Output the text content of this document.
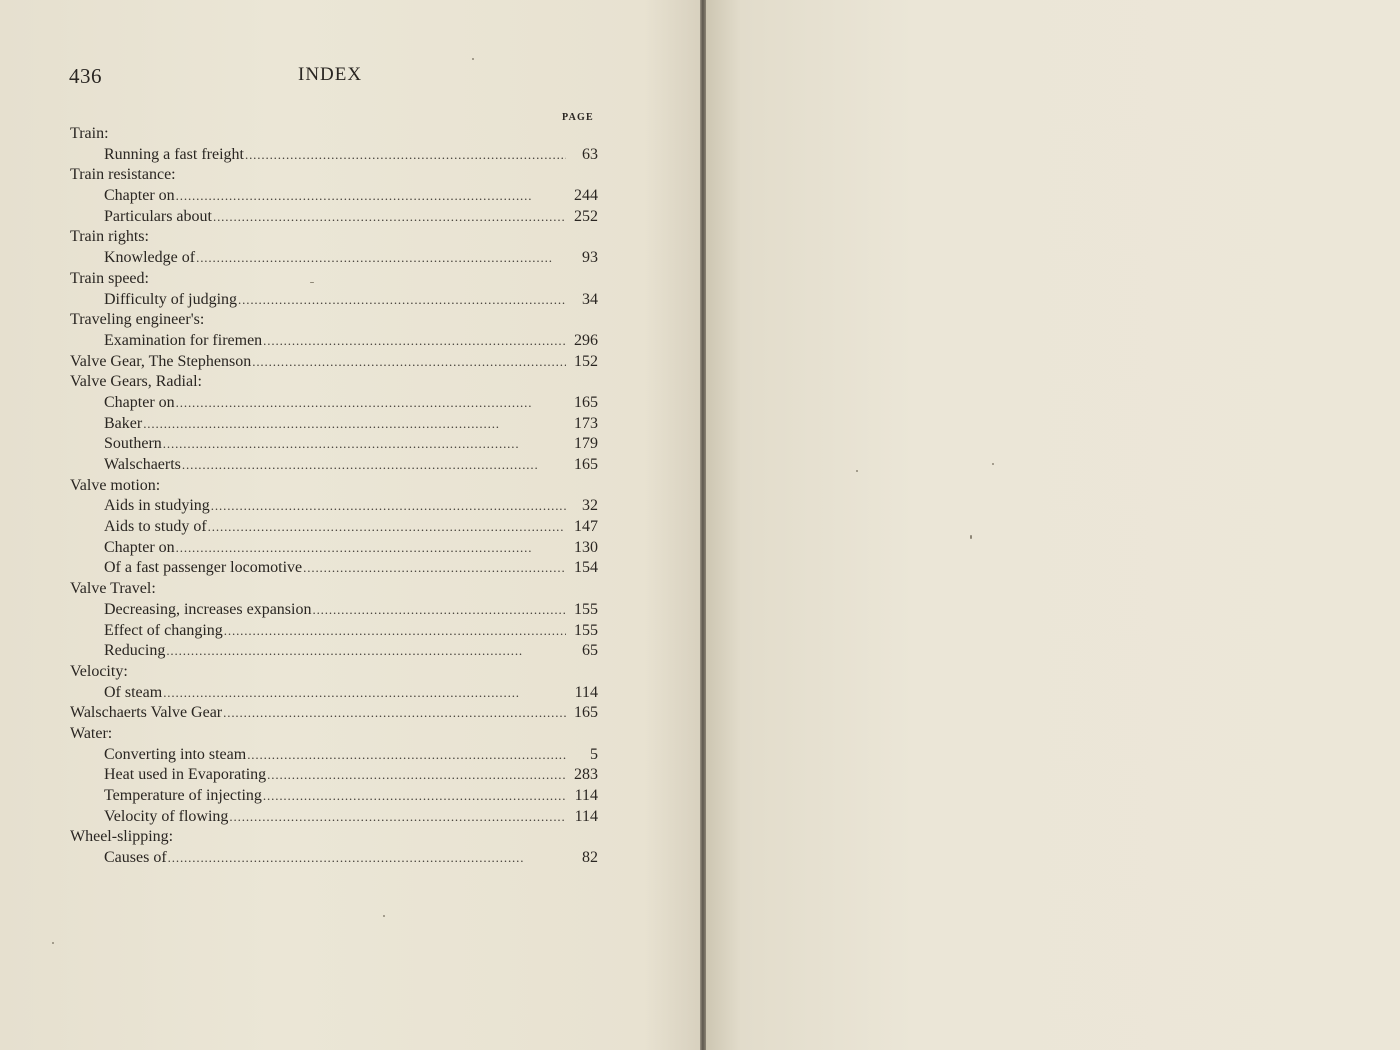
436	INDEX
PAGE
Train:
Running a fast freight . . .	63
Train resistance:
Chapter on . . .	244
Particulars about . . .	252
Train rights:
Knowledge of . . .	93
Train speed:
Difficulty of judging . . .	34
Traveling engineer's:
Examination for firemen . . .	296
Valve Gear, The Stephenson . . .	152
Valve Gears, Radial:
Chapter on . . .	165
Baker . . .	173
Southern . . .	179
Walschaerts . . .	165
Valve motion:
Aids in studying . . .	32
Aids to study of . . .	147
Chapter on . . .	130
Of a fast passenger locomotive . . .	154
Valve Travel:
Decreasing, increases expansion . . .	155
Effect of changing . . .	155
Reducing . . .	65
Velocity:
Of steam . . .	114
Walschaerts Valve Gear . . .	165
Water:
Converting into steam . . .	5
Heat used in Evaporating . . .	283
Temperature of injecting . . .	114
Velocity of flowing . . .	114
Wheel-slipping:
Causes of . . .	82
